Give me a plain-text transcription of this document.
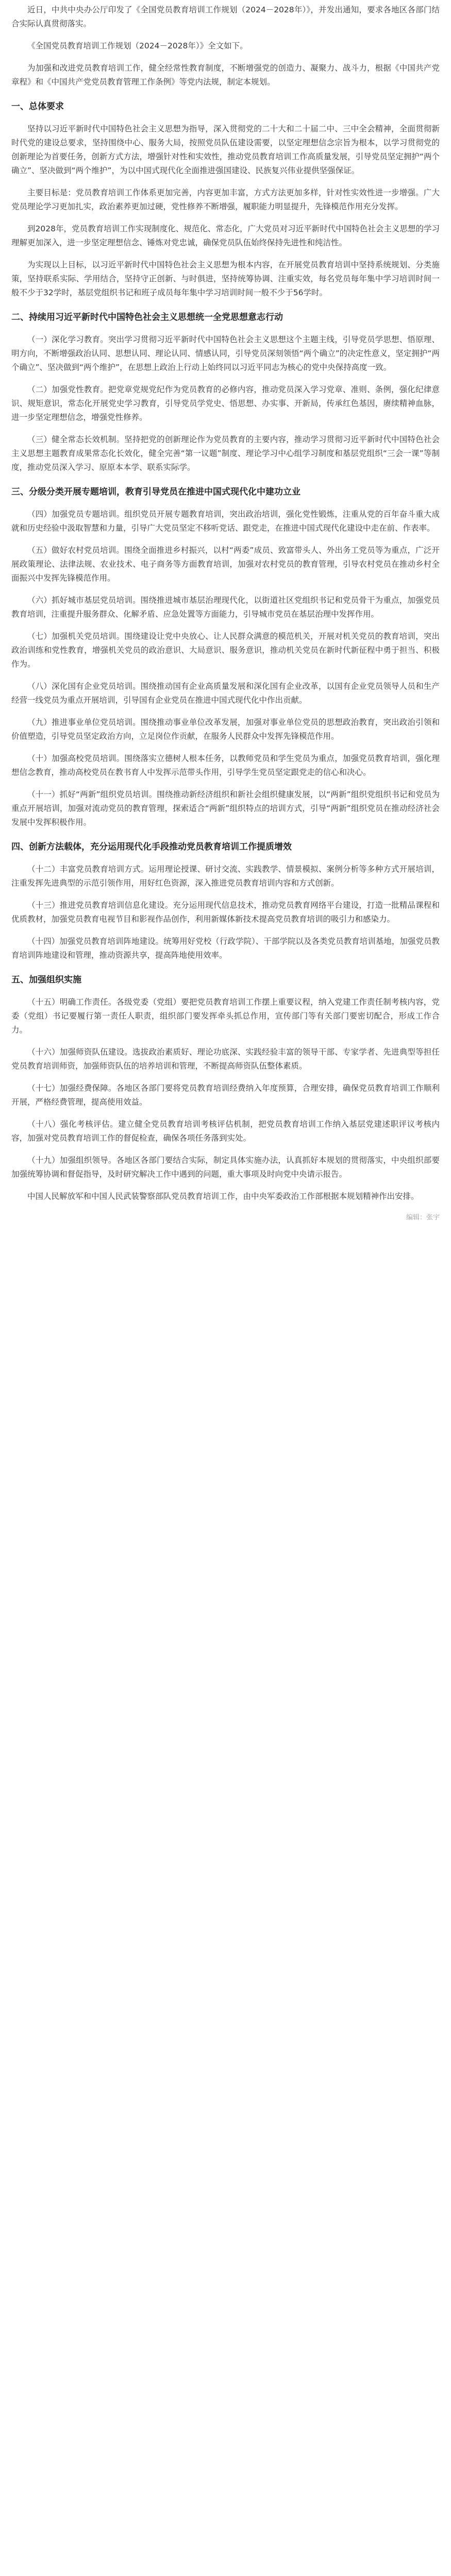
近日，中共中央办公厅印发了《全国党员教育培训工作规划（2024－2028年）》，并发出通知，要求各地区各部门结合实际认真贯彻落实。

《全国党员教育培训工作规划（2024－2028年）》全文如下。

为加强和改进党员教育培训工作，健全经常性教育制度，不断增强党的创造力、凝聚力、战斗力，根据《中国共产党章程》和《中国共产党党员教育管理工作条例》等党内法规，制定本规划。

一、总体要求

坚持以习近平新时代中国特色社会主义思想为指导，深入贯彻党的二十大和二十届二中、三中全会精神，全面贯彻新时代党的建设总要求，坚持围绕中心、服务大局，按照党员队伍建设需要，以坚定理想信念宗旨为根本，以学习贯彻党的创新理论为首要任务，创新方式方法，增强针对性和实效性，推动党员教育培训工作高质量发展，引导党员坚定拥护“两个确立”、坚决做到“两个维护”，为以中国式现代化全面推进强国建设、民族复兴伟业提供坚强保证。

主要目标是：党员教育培训工作体系更加完善，内容更加丰富，方式方法更加多样，针对性实效性进一步增强。广大党员理论学习更加扎实，政治素养更加过硬，党性修养不断增强，履职能力明显提升，先锋模范作用充分发挥。

到2028年，党员教育培训工作实现制度化、规范化、常态化，广大党员对习近平新时代中国特色社会主义思想的学习理解更加深入，进一步坚定理想信念、锤炼对党忠诚，确保党员队伍始终保持先进性和纯洁性。

为实现以上目标，以习近平新时代中国特色社会主义思想为根本内容，在开展党员教育培训中坚持系统规划、分类施策，坚持联系实际、学用结合，坚持守正创新、与时俱进，坚持统筹协调、注重实效，每名党员每年集中学习培训时间一般不少于32学时，基层党组织书记和班子成员每年集中学习培训时间一般不少于56学时。

二、持续用习近平新时代中国特色社会主义思想统一全党思想意志行动

（一）深化学习教育。突出学习贯彻习近平新时代中国特色社会主义思想这个主题主线，引导党员学思想、悟原理、明方向，不断增强政治认同、思想认同、理论认同、情感认同，引导党员深刻领悟“两个确立”的决定性意义，坚定拥护“两个确立”、坚决做到“两个维护”，在思想上政治上行动上始终同以习近平同志为核心的党中央保持高度一致。

（二）加强党性教育。把党章党规党纪作为党员教育的必修内容，推动党员深入学习党章、准则、条例，强化纪律意识、规矩意识，常态化开展党史学习教育，引导党员学党史、悟思想、办实事、开新局，传承红色基因，赓续精神血脉，进一步坚定理想信念，增强党性修养。

（三）健全常态长效机制。坚持把党的创新理论作为党员教育的主要内容，推动学习贯彻习近平新时代中国特色社会主义思想主题教育成果常态化长效化，健全完善“第一议题”制度、理论学习中心组学习制度和基层党组织“三会一课”等制度，推动党员深入学习、原原本本学、联系实际学。

三、分级分类开展专题培训，教育引导党员在推进中国式现代化中建功立业

（四）加强党员专题培训。组织党员开展专题教育培训，突出政治培训，强化党性锻炼，注重从党的百年奋斗重大成就和历史经验中汲取智慧和力量，引导广大党员坚定不移听党话、跟党走，在推进中国式现代化建设中走在前、作表率。

（五）做好农村党员培训。围绕全面推进乡村振兴，以村“两委”成员、致富带头人、外出务工党员等为重点，广泛开展政策理论、法律法规、农业技术、电子商务等方面教育培训，加强对农村党员的教育管理，引导农村党员在推动乡村全面振兴中发挥先锋模范作用。

（六）抓好城市基层党员培训。围绕推进城市基层治理现代化，以街道社区党组织书记和党员骨干为重点，加强党员教育培训，注重提升服务群众、化解矛盾、应急处置等方面能力，引导城市党员在基层治理中发挥作用。

（七）加强机关党员培训。围绕建设让党中央放心、让人民群众满意的模范机关，开展对机关党员的教育培训，突出政治训练和党性教育，增强机关党员的政治意识、大局意识、服务意识，推动机关党员在新时代新征程中勇于担当、积极作为。

（八）深化国有企业党员培训。围绕推动国有企业高质量发展和深化国有企业改革，以国有企业党员领导人员和生产经营一线党员为重点开展培训，引导国有企业党员在推进中国式现代化中作出贡献。

（九）推进事业单位党员培训。围绕推动事业单位改革发展，加强对事业单位党员的思想政治教育，突出政治引领和价值塑造，引导党员坚定政治方向，立足岗位作贡献，在服务人民群众中发挥先锋模范作用。

（十）加强高校党员培训。围绕落实立德树人根本任务，以教师党员和学生党员为重点，加强党员教育培训，强化理想信念教育，推动高校党员在教书育人中发挥示范带头作用，引导学生党员坚定跟党走的信心和决心。

（十一）抓好“两新”组织党员培训。围绕推动新经济组织和新社会组织健康发展，以“两新”组织党组织书记和党员为重点开展培训，加强对流动党员的教育管理，探索适合“两新”组织特点的培训方式，引导“两新”组织党员在推动经济社会发展中发挥积极作用。

四、创新方法载体，充分运用现代化手段推动党员教育培训工作提质增效

（十二）丰富党员教育培训方式。运用理论授课、研讨交流、实践教学、情景模拟、案例分析等多种方式开展培训，注重发挥先进典型的示范引领作用，用好红色资源，深入推进党员教育培训内容和方式创新。

（十三）推进党员教育培训信息化建设。充分运用现代信息技术，推动党员教育网络平台建设，打造一批精品课程和优质教材，加强党员教育电视节目和影视作品创作，利用新媒体新技术提高党员教育培训的吸引力和感染力。

（十四）加强党员教育培训阵地建设。统筹用好党校（行政学院）、干部学院以及各类党员教育培训基地，加强党员教育培训阵地建设和管理，推动资源共享，提高阵地使用效率。

五、加强组织实施

（十五）明确工作责任。各级党委（党组）要把党员教育培训工作摆上重要议程，纳入党建工作责任制考核内容，党委（党组）书记要履行第一责任人职责，组织部门要发挥牵头抓总作用，宣传部门等有关部门要密切配合，形成工作合力。

（十六）加强师资队伍建设。选拔政治素质好、理论功底深、实践经验丰富的领导干部、专家学者、先进典型等担任党员教育培训师资，加强师资队伍的培养培训和管理，不断提高师资队伍整体素质。

（十七）加强经费保障。各地区各部门要将党员教育培训经费纳入年度预算，合理安排，确保党员教育培训工作顺利开展，严格经费管理，提高使用效益。

（十八）强化考核评估。建立健全党员教育培训考核评估机制，把党员教育培训工作纳入基层党建述职评议考核内容，加强对党员教育培训工作的督促检查，确保各项任务落到实处。

（十九）加强组织领导。各地区各部门要结合实际，制定具体实施办法，认真抓好本规划的贯彻落实，中央组织部要加强统筹协调和督促指导，及时研究解决工作中遇到的问题，重大事项及时向党中央请示报告。

中国人民解放军和中国人民武装警察部队党员教育培训工作，由中央军委政治工作部根据本规划精神作出安排。

编辑：张宇
